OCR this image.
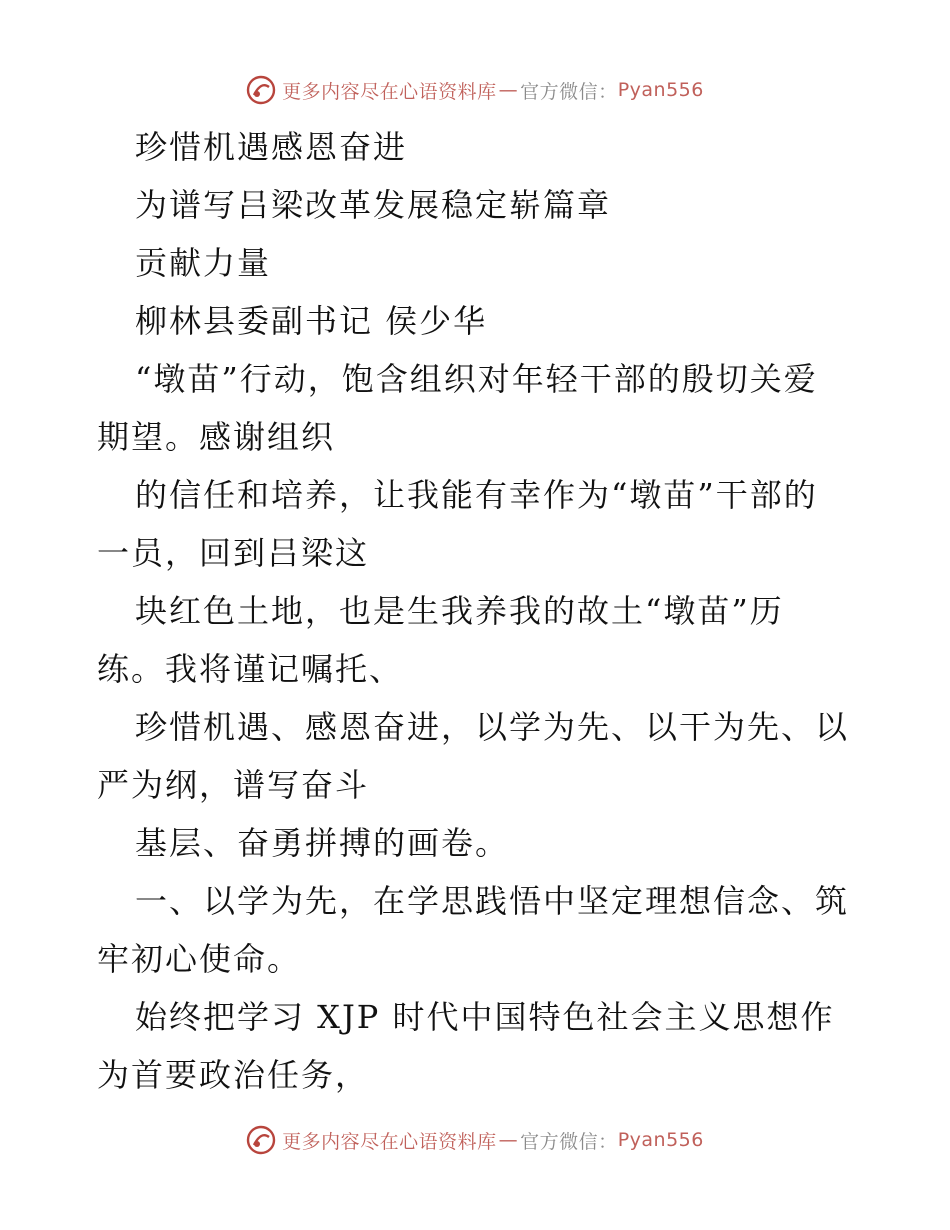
更多内容尽在心语资料库 — 官方微信： Pyan556
珍惜机遇感恩奋进
为谱写吕梁改革发展稳定崭篇章
贡献力量
柳林县委副书记 侯少华
“墩苗”行动，饱含组织对年轻干部的殷切关爱
期望。感谢组织
的信任和培养，让我能有幸作为“墩苗”干部的
一员，回到吕梁这
块红色土地，也是生我养我的故土“墩苗”历
练。我将谨记嘱托、
珍惜机遇、感恩奋进，以学为先、以干为先、以
严为纲，谱写奋斗
基层、奋勇拼搏的画卷。
一、以学为先，在学思践悟中坚定理想信念、筑
牢初心使命。
始终把学习 XJP 时代中国特色社会主义思想作
为首要政治任务，
更多内容尽在心语资料库 — 官方微信： Pyan556
